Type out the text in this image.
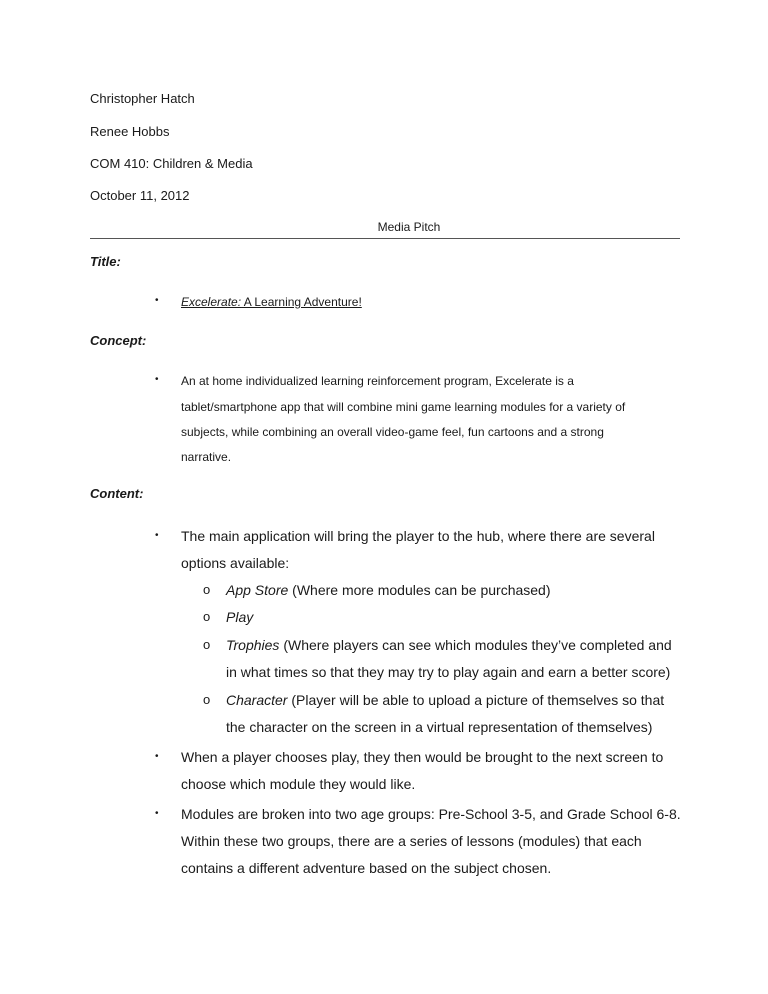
Christopher Hatch
Renee Hobbs
COM 410: Children & Media
October 11, 2012
Media Pitch
Title:
• Excelerate: A Learning Adventure!
Concept:
• An at home individualized learning reinforcement program, Excelerate is a
tablet/smartphone app that will combine mini game learning modules for a variety of
subjects, while combining an overall video-game feel, fun cartoons and a strong
narrative.
Content:
• The main application will bring the player to the hub, where there are several
options available:
o App Store (Where more modules can be purchased)
o Play
o Trophies (Where players can see which modules they’ve completed and
in what times so that they may try to play again and earn a better score)
o Character (Player will be able to upload a picture of themselves so that
the character on the screen in a virtual representation of themselves)
• When a player chooses play, they then would be brought to the next screen to
choose which module they would like.
• Modules are broken into two age groups: Pre-School 3-5, and Grade School 6-8.
Within these two groups, there are a series of lessons (modules) that each
contains a different adventure based on the subject chosen.
